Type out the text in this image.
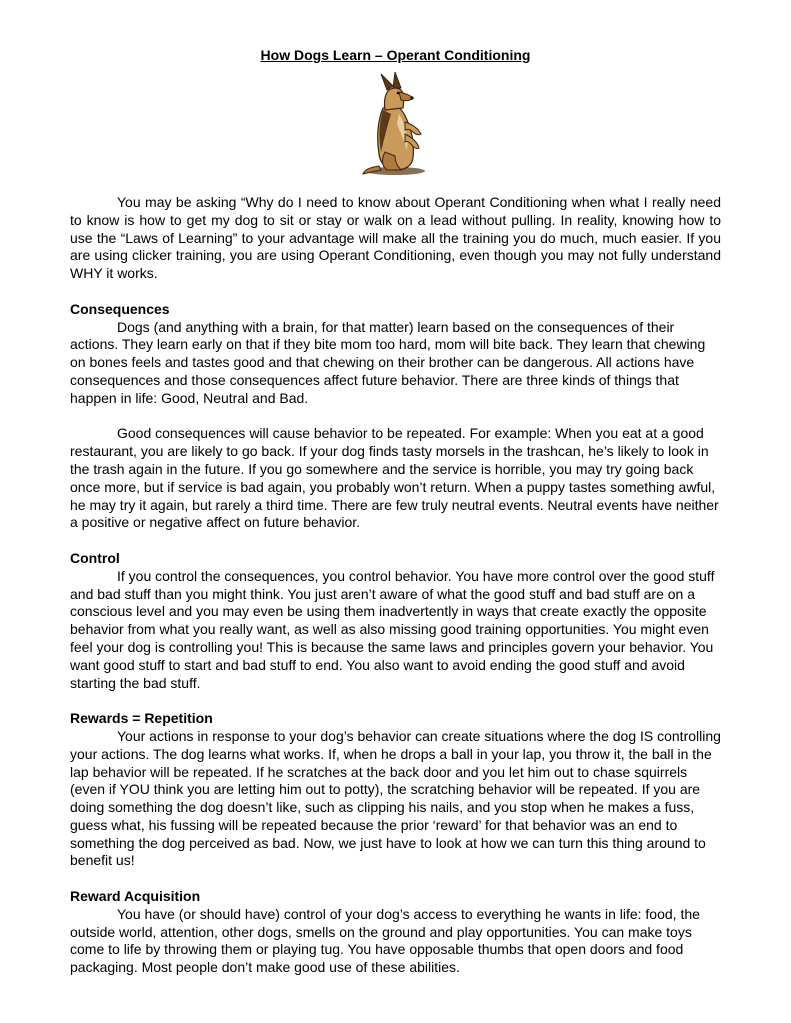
How Dogs Learn – Operant Conditioning

You may be asking “Why do I need to know about Operant Conditioning when what I really need to know is how to get my dog to sit or stay or walk on a lead without pulling. In reality, knowing how to use the “Laws of Learning” to your advantage will make all the training you do much, much easier. If you are using clicker training, you are using Operant Conditioning, even though you may not fully understand WHY it works.

Consequences

Dogs (and anything with a brain, for that matter) learn based on the consequences of their actions. They learn early on that if they bite mom too hard, mom will bite back. They learn that chewing on bones feels and tastes good and that chewing on their brother can be dangerous. All actions have consequences and those consequences affect future behavior. There are three kinds of things that happen in life: Good, Neutral and Bad.

Good consequences will cause behavior to be repeated. For example: When you eat at a good restaurant, you are likely to go back. If your dog finds tasty morsels in the trashcan, he’s likely to look in the trash again in the future. If you go somewhere and the service is horrible, you may try going back once more, but if service is bad again, you probably won’t return. When a puppy tastes something awful, he may try it again, but rarely a third time. There are few truly neutral events. Neutral events have neither a positive or negative affect on future behavior.

Control

If you control the consequences, you control behavior. You have more control over the good stuff and bad stuff than you might think. You just aren’t aware of what the good stuff and bad stuff are on a conscious level and you may even be using them inadvertently in ways that create exactly the opposite behavior from what you really want, as well as also missing good training opportunities. You might even feel your dog is controlling you! This is because the same laws and principles govern your behavior. You want good stuff to start and bad stuff to end. You also want to avoid ending the good stuff and avoid starting the bad stuff.

Rewards = Repetition

Your actions in response to your dog’s behavior can create situations where the dog IS controlling your actions. The dog learns what works. If, when he drops a ball in your lap, you throw it, the ball in the lap behavior will be repeated. If he scratches at the back door and you let him out to chase squirrels (even if YOU think you are letting him out to potty), the scratching behavior will be repeated. If you are doing something the dog doesn’t like, such as clipping his nails, and you stop when he makes a fuss, guess what, his fussing will be repeated because the prior ‘reward’ for that behavior was an end to something the dog perceived as bad. Now, we just have to look at how we can turn this thing around to benefit us!

Reward Acquisition

You have (or should have) control of your dog’s access to everything he wants in life: food, the outside world, attention, other dogs, smells on the ground and play opportunities. You can make toys come to life by throwing them or playing tug. You have opposable thumbs that open doors and food packaging. Most people don’t make good use of these abilities.
